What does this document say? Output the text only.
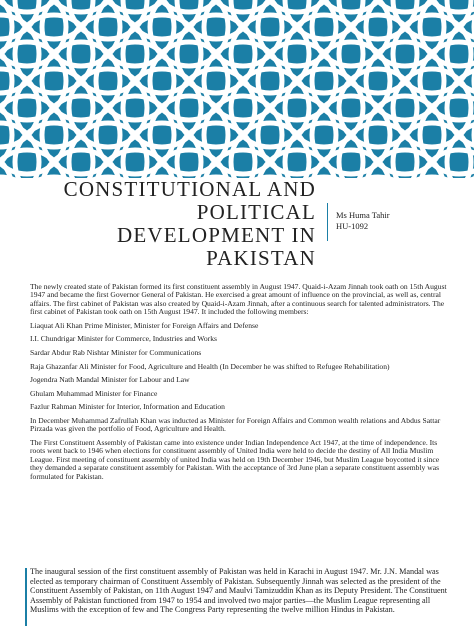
CONSTITUTIONAL AND
POLITICAL
DEVELOPMENT IN
PAKISTAN
Ms Huma Tahir
HU-1092

The newly created state of Pakistan formed its first constituent assembly in August 1947. Quaid-i-Azam Jinnah took oath on 15th August 1947 and became the first Governor General of Pakistan. He exercised a great amount of influence on the provincial, as well as, central affairs. The first cabinet of Pakistan was also created by Quaid-i-Azam Jinnah, after a continuous search for talented administrators. The first cabinet of Pakistan took oath on 15th August 1947. It included the following members:

Liaquat Ali Khan Prime Minister, Minister for Foreign Affairs and Defense

I.I. Chundrigar Minister for Commerce, Industries and Works

Sardar Abdur Rab Nishtar Minister for Communications

Raja Ghazanfar Ali Minister for Food, Agriculture and Health (In December he was shifted to Refugee Rehabilitation)

Jogendra Nath Mandal Minister for Labour and Law

Ghulam Muhammad Minister for Finance

Fazlur Rahman Minister for Interior, Information and Education

In December Muhammad Zafrullah Khan was inducted as Minister for Foreign Affairs and Common wealth relations and Abdus Sattar Pirzada was given the portfolio of Food, Agriculture and Health.

The First Constituent Assembly of Pakistan came into existence under Indian Independence Act 1947, at the time of independence. Its roots went back to 1946 when elections for constituent assembly of United India were held to decide the destiny of All India Muslim League. First meeting of constituent assembly of united India was held on 19th December 1946, but Muslim League boycotted it since they demanded a separate constituent assembly for Pakistan. With the acceptance of 3rd June plan a separate constituent assembly was formulated for Pakistan.

The inaugural session of the first constituent assembly of Pakistan was held in Karachi in August 1947. Mr. J.N. Mandal was elected as temporary chairman of Constituent Assembly of Pakistan. Subsequently Jinnah was selected as the president of the Constituent Assembly of Pakistan, on 11th August 1947 and Maulvi Tamizuddin Khan as its Deputy President. The Constituent Assembly of Pakistan functioned from 1947 to 1954 and involved two major parties—the Muslim League representing all Muslims with the exception of few and The Congress Party representing the twelve million Hindus in Pakistan.
